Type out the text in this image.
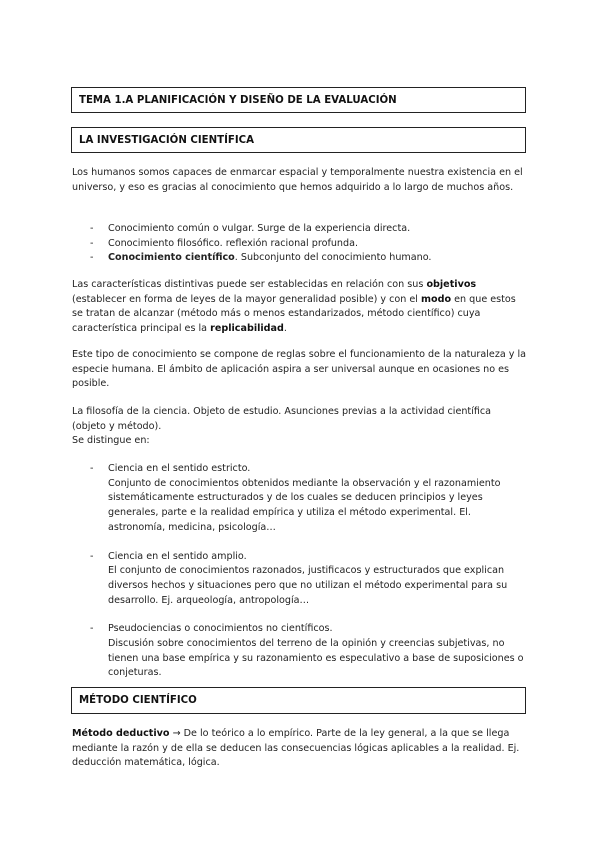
TEMA 1.A PLANIFICACIÓN Y DISEÑO DE LA EVALUACIÓN
LA INVESTIGACIÓN CIENTÍFICA

Los humanos somos capaces de enmarcar espacial y temporalmente nuestra existencia en el universo, y eso es gracias al conocimiento que hemos adquirido a lo largo de muchos años.

- Conocimiento común o vulgar. Surge de la experiencia directa.
- Conocimiento filosófico. reflexión racional profunda.
- Conocimiento científico. Subconjunto del conocimiento humano.

Las características distintivas puede ser establecidas en relación con sus objetivos (establecer en forma de leyes de la mayor generalidad posible) y con el modo en que estos se tratan de alcanzar (método más o menos estandarizados, método científico) cuya característica principal es la replicabilidad.

Este tipo de conocimiento se compone de reglas sobre el funcionamiento de la naturaleza y la especie humana. El ámbito de aplicación aspira a ser universal aunque en ocasiones no es posible.

La filosofía de la ciencia. Objeto de estudio. Asunciones previas a la actividad científica (objeto y método).
Se distingue en:

- Ciencia en el sentido estricto.
Conjunto de conocimientos obtenidos mediante la observación y el razonamiento sistemáticamente estructurados y de los cuales se deducen principios y leyes generales, parte e la realidad empírica y utiliza el método experimental. El. astronomía, medicina, psicología…
- Ciencia en el sentido amplio.
El conjunto de conocimientos razonados, justificacos y estructurados que explican diversos hechos y situaciones pero que no utilizan el método experimental para su desarrollo. Ej. arqueología, antropología…
- Pseudociencias o conocimientos no científicos.
Discusión sobre conocimientos del terreno de la opinión y creencias subjetivas, no tienen una base empírica y su razonamiento es especulativo a base de suposiciones o conjeturas.
MÉTODO CIENTÍFICO

Método deductivo → De lo teórico a lo empírico. Parte de la ley general, a la que se llega mediante la razón y de ella se deducen las consecuencias lógicas aplicables a la realidad. Ej. deducción matemática, lógica.
